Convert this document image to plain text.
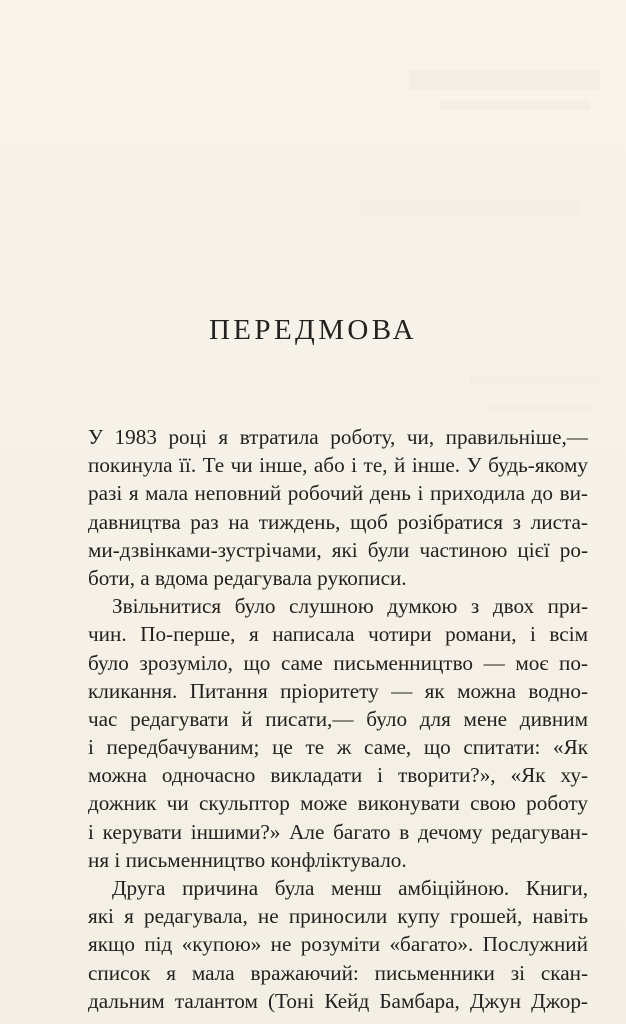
ПЕРЕДМОВА
У 1983 році я втратила роботу, чи, правильніше,—
покинула її. Те чи інше, або і те, й інше. У будь-якому
разі я мала неповний робочий день і приходила до ви-
давництва раз на тиждень, щоб розібратися з листа-
ми-дзвінками-зустрічами, які були частиною цієї ро-
боти, а вдома редагувала рукописи.
Звільнитися було слушною думкою з двох при-
чин. По-перше, я написала чотири романи, і всім
було зрозуміло, що саме письменництво — моє по-
кликання. Питання пріоритету — як можна водно-
час редагувати й писати,— було для мене дивним
і передбачуваним; це те ж саме, що спитати: «Як
можна одночасно викладати і творити?», «Як ху-
дожник чи скульптор може виконувати свою роботу
і керувати іншими?» Але багато в дечому редагуван-
ня і письменництво конфліктувало.
Друга причина була менш амбіційною. Книги,
які я редагувала, не приносили купу грошей, навіть
якщо під «купою» не розуміти «багато». Послужний
список я мала вражаючий: письменники зі скан-
дальним талантом (Тоні Кейд Бамбара, Джун Джор-
